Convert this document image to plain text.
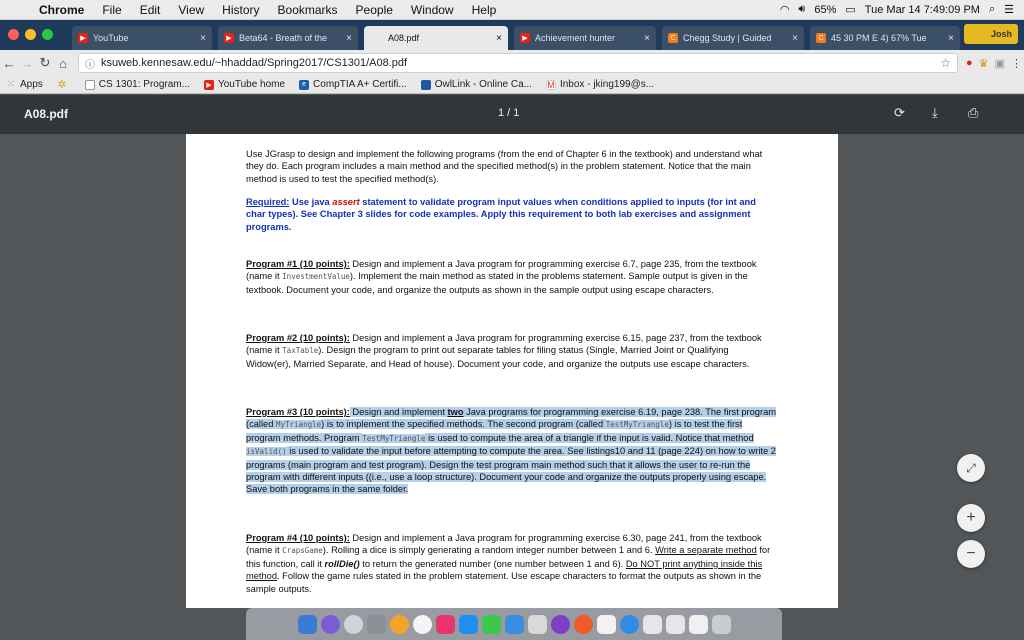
Chrome	File	Edit	View	History	Bookmarks	People	Window	Help	◠ 🔊︎ 65% ▭ Tue Mar 14 7:49:09 PM ⌕ ☰
▶ YouTube	×	▶ Beta64 - Breath of the	×	A08.pdf	×	▶ Achievement hunter	×	C Chegg Study | Guided	×	C 45 30 PM E 4) 67% Tue	×	Josh
← → ↻ ⌂	ⓘ ksuweb.kennesaw.edu/~hhaddad/Spring2017/CS1301/A08.pdf	☆ ● ♛ ▣ ⋮
⁙ Apps ✲	CS 1301: Program...	▶ YouTube home	e CompTIA A+ Certifi...	OwlLink - Online Ca... M Inbox - jking199@s...
A08.pdf	1 / 1	⟳ ⤓ ⎙
Use JGrasp to design and implement the following programs (from the end of Chapter 6 in the textbook) and understand what they do. Each program includes a main method and the specified method(s) in the problem statement. Notice that the main method is used to test the specified method(s).
Required: Use java assert statement to validate program input values when conditions applied to inputs (for int and char types). See Chapter 3 slides for code examples. Apply this requirement to both lab exercises and assignment programs.
Program #1 (10 points): Design and implement a Java program for programming exercise 6.7, page 235, from the textbook (name it InvestmentValue). Implement the main method as stated in the problems statement. Sample output is given in the textbook. Document your code, and organize the outputs as shown in the sample output using escape characters.
Program #2 (10 points): Design and implement a Java program for programming exercise 6.15, page 237, from the textbook (name it TaxTable). Design the program to print out separate tables for filing status (Single, Married Joint or Qualifying Widow(er), Married Separate, and Head of house). Document your code, and organize the outputs use escape characters.
Program #3 (10 points): Design and implement two Java programs for programming exercise 6.19, page 238. The first program (called MyTriangle) is to implement the specified methods. The second program (called TestMyTriangle) is to test the first program methods. Program TestMyTriangle is used to compute the area of a triangle if the input is valid. Notice that method isValid() is used to validate the input before attempting to compute the area. See listings10 and 11 (page 224) on how to write 2 programs (main program and test program). Design the test program main method such that it allows the user to re-run the program with different inputs ((i.e., use a loop structure). Document your code and organize the outputs properly using escape. Save both programs in the same folder.
Program #4 (10 points): Design and implement a Java program for programming exercise 6.30, page 241, from the textbook (name it CrapsGame). Rolling a dice is simply generating a random integer number between 1 and 6. Write a separate method for this function, call it rollDie() to return the generated number (one number between 1 and 6). Do NOT print anything inside this method. Follow the game rules stated in the problem statement. Use escape characters to format the outputs as shown in the sample outputs.
⤢
+
−
